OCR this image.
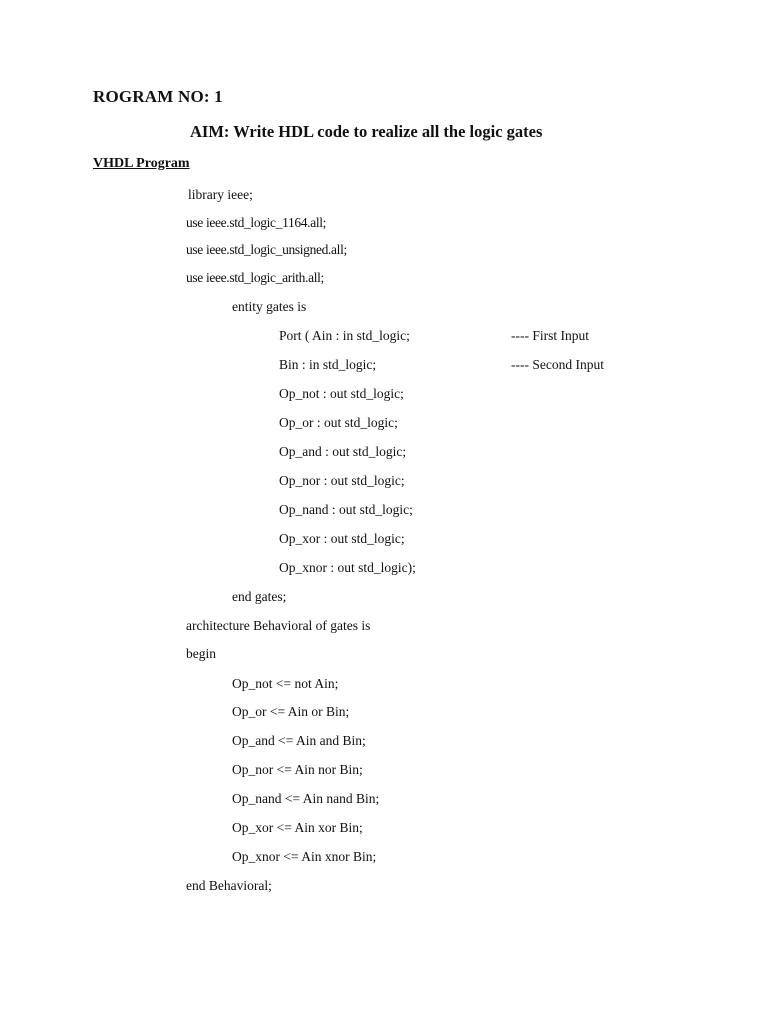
ROGRAM NO: 1
AIM: Write HDL code to realize all the logic gates
VHDL Program
library ieee;
use ieee.std_logic_1164.all;
use ieee.std_logic_unsigned.all;
use ieee.std_logic_arith.all;
entity gates is
Port ( Ain : in std_logic;	---- First Input
Bin : in std_logic;	---- Second Input
Op_not : out std_logic;
Op_or : out std_logic;
Op_and : out std_logic;
Op_nor : out std_logic;
Op_nand : out std_logic;
Op_xor : out std_logic;
Op_xnor : out std_logic);
end gates;
architecture Behavioral of gates is
begin
Op_not <= not Ain;
Op_or <= Ain or Bin;
Op_and <= Ain and Bin;
Op_nor <= Ain nor Bin;
Op_nand <= Ain nand Bin;
Op_xor <= Ain xor Bin;
Op_xnor <= Ain xnor Bin;
end Behavioral;
